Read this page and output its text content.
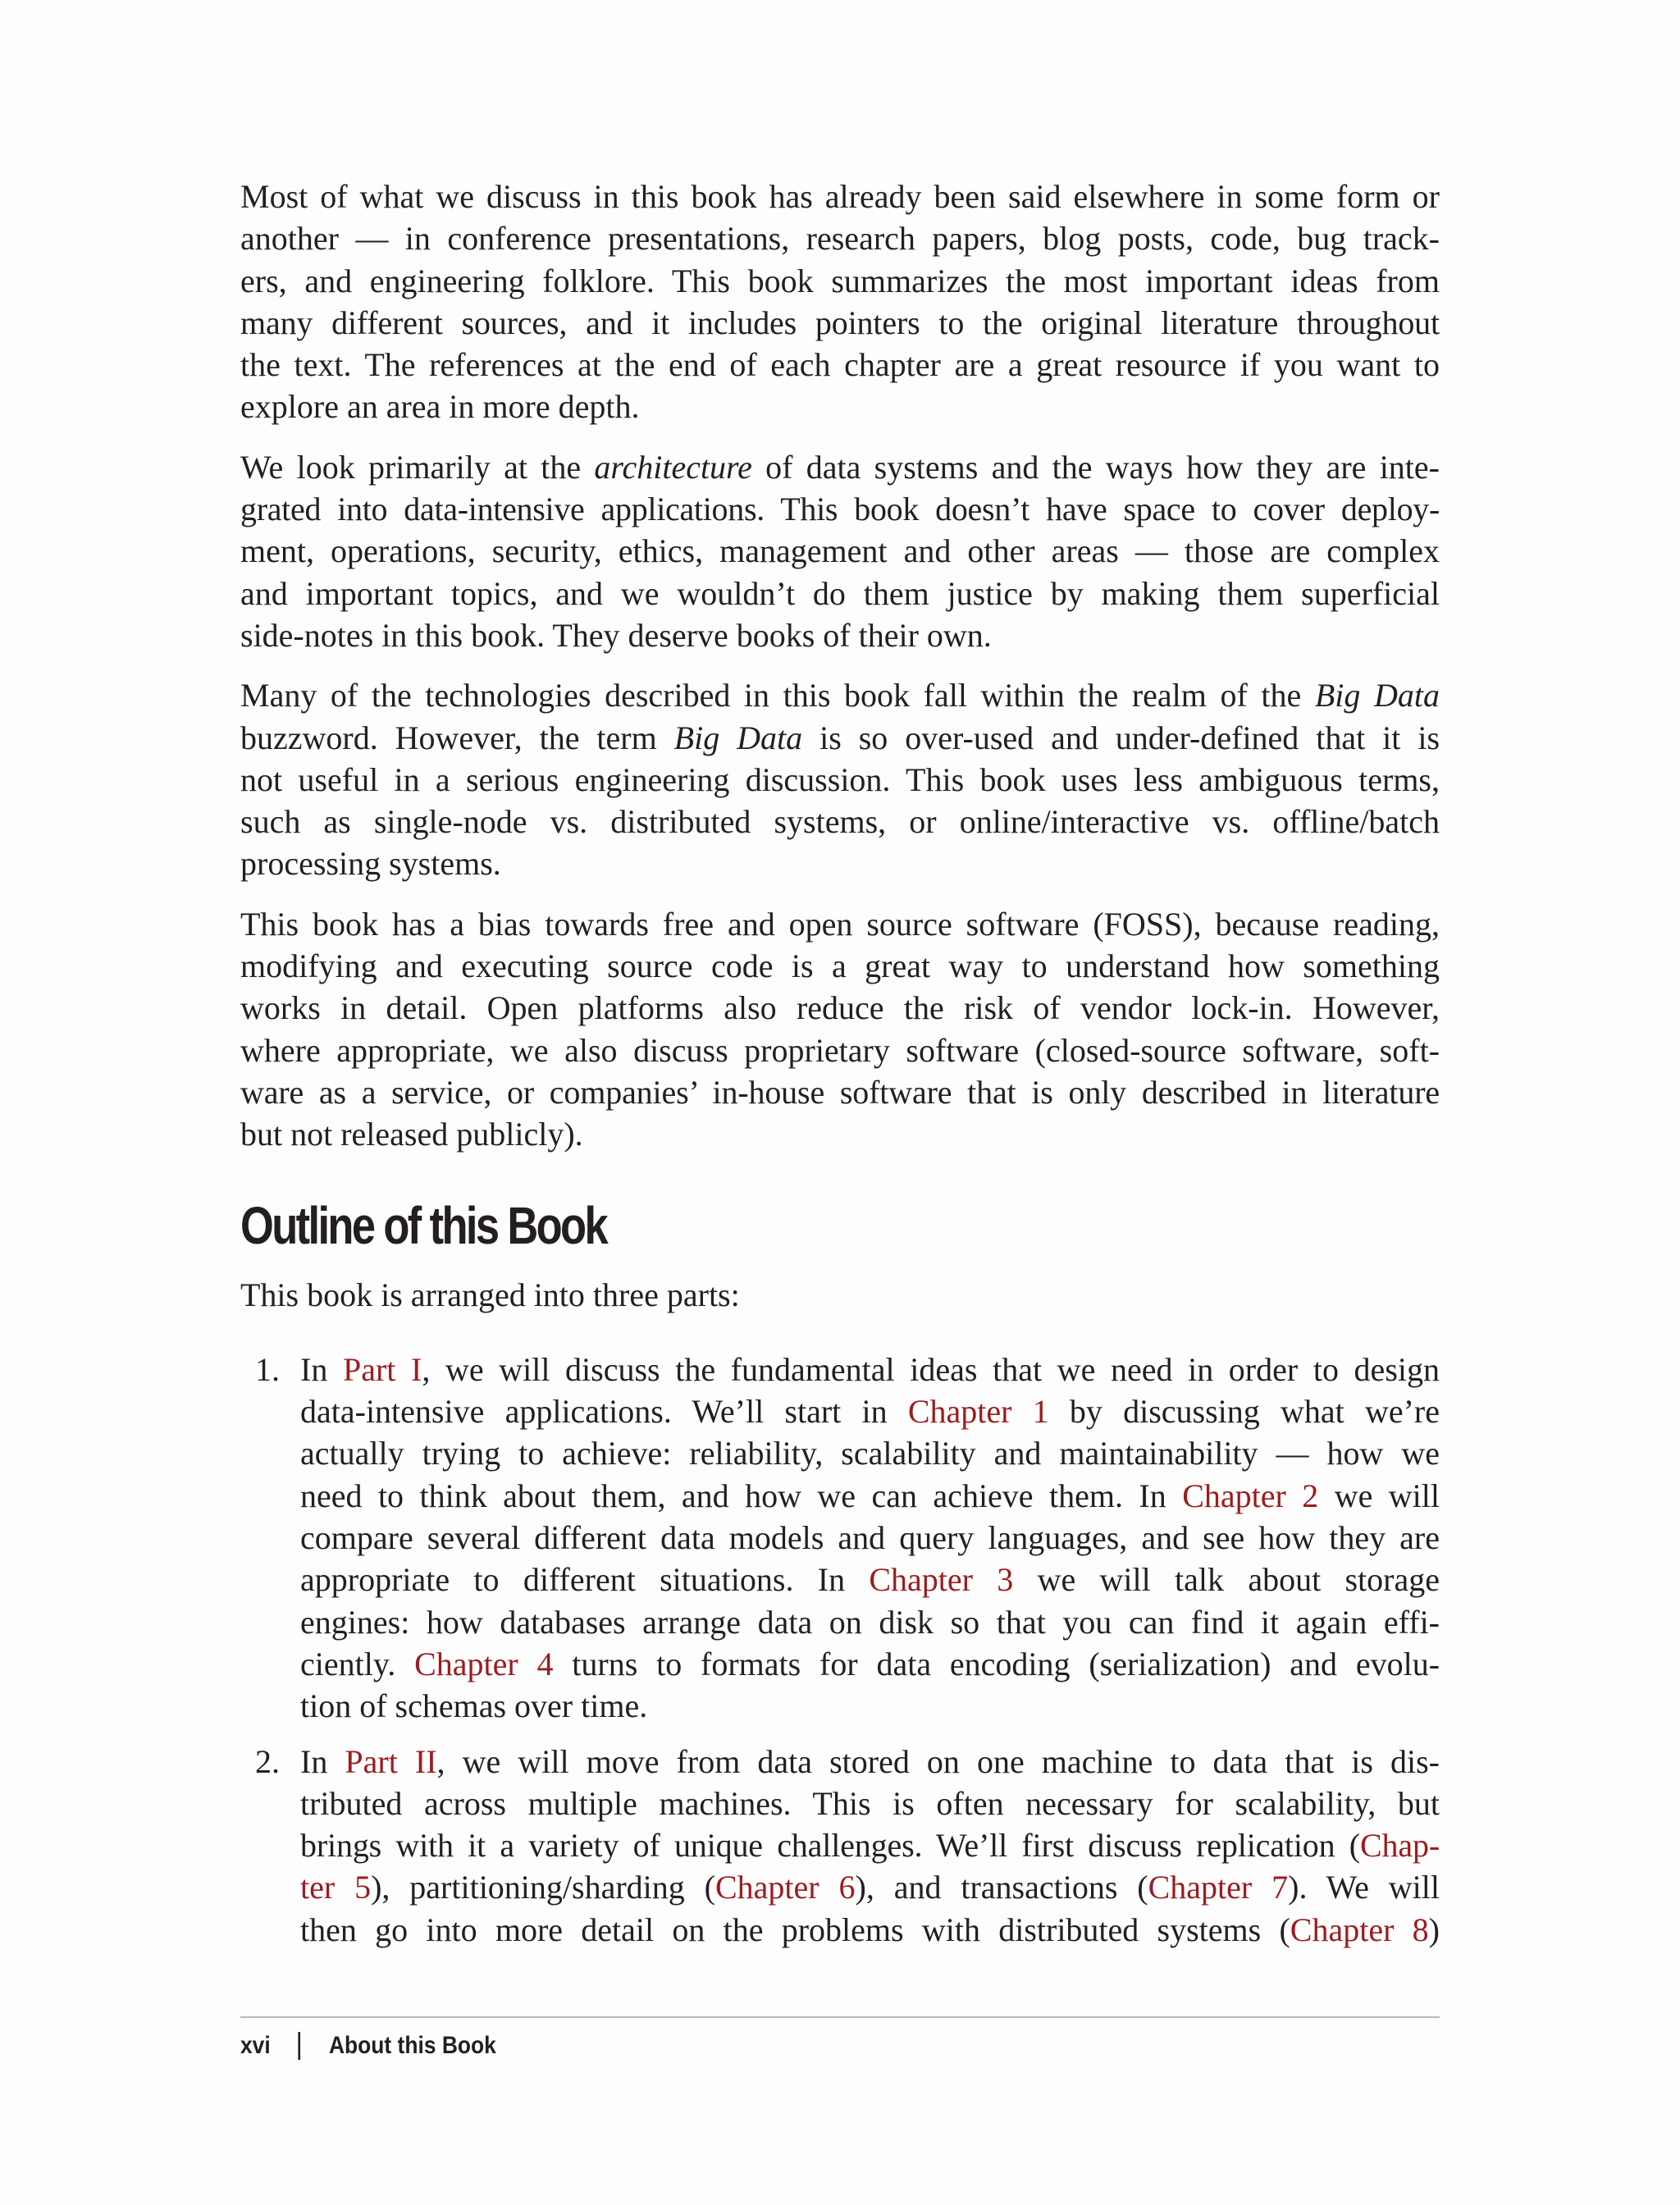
Most of what we discuss in this book has already been said elsewhere in some form or
another — in conference presentations, research papers, blog posts, code, bug track-
ers, and engineering folklore. This book summarizes the most important ideas from
many different sources, and it includes pointers to the original literature throughout
the text. The references at the end of each chapter are a great resource if you want to
explore an area in more depth.

We look primarily at the architecture of data systems and the ways how they are inte-
grated into data-intensive applications. This book doesn’t have space to cover deploy-
ment, operations, security, ethics, management and other areas — those are complex
and important topics, and we wouldn’t do them justice by making them superficial
side-notes in this book. They deserve books of their own.

Many of the technologies described in this book fall within the realm of the Big Data
buzzword. However, the term Big Data is so over-used and under-defined that it is
not useful in a serious engineering discussion. This book uses less ambiguous terms,
such as single-node vs. distributed systems, or online/interactive vs. offline/batch
processing systems.

This book has a bias towards free and open source software (FOSS), because reading,
modifying and executing source code is a great way to understand how something
works in detail. Open platforms also reduce the risk of vendor lock-in. However,
where appropriate, we also discuss proprietary software (closed-source software, soft-
ware as a service, or companies’ in-house software that is only described in literature
but not released publicly).

Outline of this Book

This book is arranged into three parts:

1. In Part I, we will discuss the fundamental ideas that we need in order to design
data-intensive applications. We’ll start in Chapter 1 by discussing what we’re
actually trying to achieve: reliability, scalability and maintainability — how we
need to think about them, and how we can achieve them. In Chapter 2 we will
compare several different data models and query languages, and see how they are
appropriate to different situations. In Chapter 3 we will talk about storage
engines: how databases arrange data on disk so that you can find it again effi-
ciently. Chapter 4 turns to formats for data encoding (serialization) and evolu-
tion of schemas over time.
2. In Part II, we will move from data stored on one machine to data that is dis-
tributed across multiple machines. This is often necessary for scalability, but
brings with it a variety of unique challenges. We’ll first discuss replication (Chap-
ter 5), partitioning/sharding (Chapter 6), and transactions (Chapter 7). We will
then go into more detail on the problems with distributed systems (Chapter 8)
xvi About this Book
